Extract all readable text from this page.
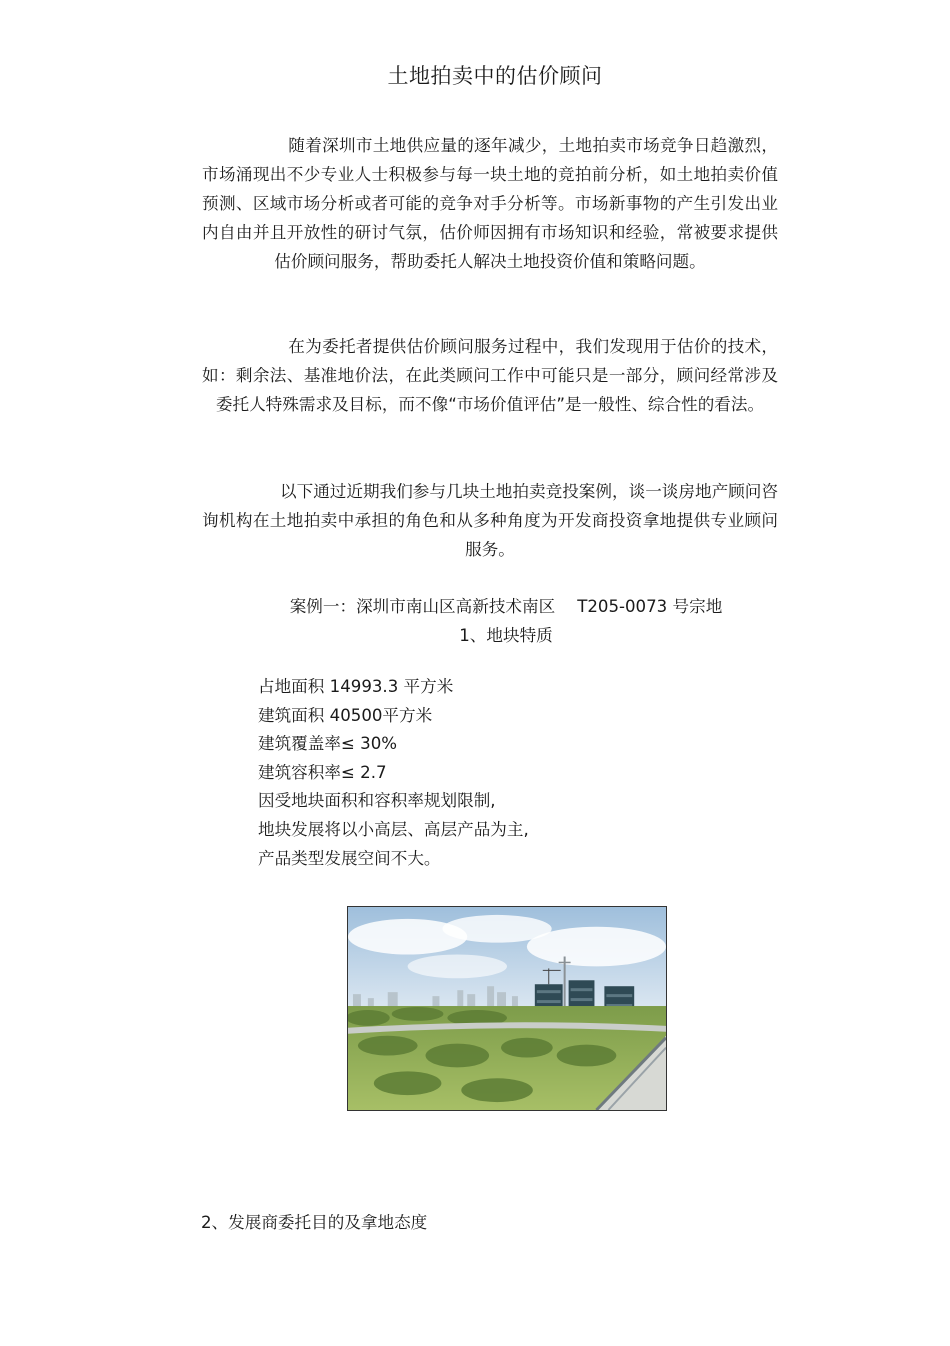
土地拍卖中的估价顾问
随着深圳市土地供应量的逐年减少，土地拍卖市场竞争日趋激烈，市场涌现出不少专业人士积极参与每一块土地的竞拍前分析，如土地拍卖价值预测、区域市场分析或者可能的竞争对手分析等。市场新事物的产生引发出业内自由并且开放性的研讨气氛，估价师因拥有市场知识和经验，常被要求提供估价顾问服务，帮助委托人解决土地投资价值和策略问题。
在为委托者提供估价顾问服务过程中，我们发现用于估价的技术，如：剩余法、基准地价法，在此类顾问工作中可能只是一部分，顾问经常涉及委托人特殊需求及目标，而不像“市场价值评估”是一般性、综合性的看法。
以下通过近期我们参与几块土地拍卖竞投案例，谈一谈房地产顾问咨询机构在土地拍卖中承担的角色和从多种角度为开发商投资拿地提供专业顾问服务。
案例一：深圳市南山区高新技术南区 T205-0073 号宗地
1、地块特质
占地面积 14993.3 平方米
建筑面积 40500平方米
建筑覆盖率≤ 30%
建筑容积率≤ 2.7
因受地块面积和容积率规划限制,
地块发展将以小高层、高层产品为主,
产品类型发展空间不大。
2、发展商委托目的及拿地态度
